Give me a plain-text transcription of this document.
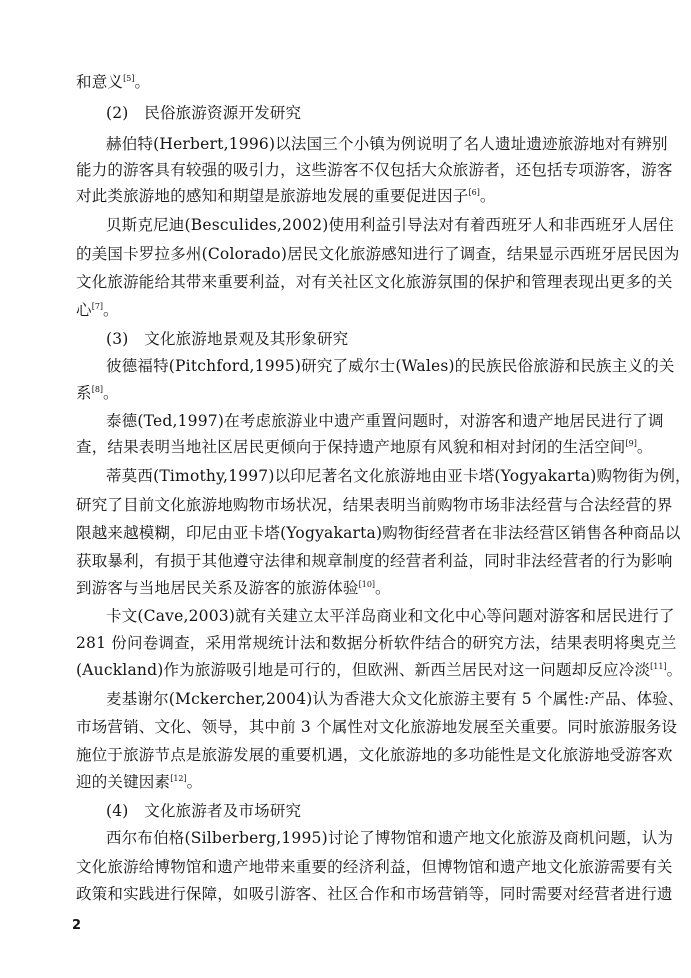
和意义[5]。
(2)　民俗旅游资源开发研究
赫伯特(Herbert,1996)以法国三个小镇为例说明了名人遗址遗迹旅游地对有辨别
能力的游客具有较强的吸引力，这些游客不仅包括大众旅游者，还包括专项游客，游客
对此类旅游地的感知和期望是旅游地发展的重要促进因子[6]。
贝斯克尼迪(Besculides,2002)使用利益引导法对有着西班牙人和非西班牙人居住
的美国卡罗拉多州(Colorado)居民文化旅游感知进行了调查，结果显示西班牙居民因为
文化旅游能给其带来重要利益，对有关社区文化旅游氛围的保护和管理表现出更多的关
心[7]。
(3)　文化旅游地景观及其形象研究
彼德福特(Pitchford,1995)研究了威尔士(Wales)的民族民俗旅游和民族主义的关
系[8]。
泰德(Ted,1997)在考虑旅游业中遗产重置问题时，对游客和遗产地居民进行了调
查，结果表明当地社区居民更倾向于保持遗产地原有风貌和相对封闭的生活空间[9]。
蒂莫西(Timothy,1997)以印尼著名文化旅游地由亚卡塔(Yogyakarta)购物街为例，
研究了目前文化旅游地购物市场状况，结果表明当前购物市场非法经营与合法经营的界
限越来越模糊，印尼由亚卡塔(Yogyakarta)购物街经营者在非法经营区销售各种商品以
获取暴利，有损于其他遵守法律和规章制度的经营者利益，同时非法经营者的行为影响
到游客与当地居民关系及游客的旅游体验[10]。
卡文(Cave,2003)就有关建立太平洋岛商业和文化中心等问题对游客和居民进行了
281 份问卷调查，采用常规统计法和数据分析软件结合的研究方法，结果表明将奥克兰
(Auckland)作为旅游吸引地是可行的，但欧洲、新西兰居民对这一问题却反应冷淡[11]。
麦基谢尔(Mckercher,2004)认为香港大众文化旅游主要有 5 个属性:产品、体验、
市场营销、文化、领导，其中前 3 个属性对文化旅游地发展至关重要。同时旅游服务设
施位于旅游节点是旅游发展的重要机遇，文化旅游地的多功能性是文化旅游地受游客欢
迎的关键因素[12]。
(4)　文化旅游者及市场研究
西尔布伯格(Silberberg,1995)讨论了博物馆和遗产地文化旅游及商机问题，认为
文化旅游给博物馆和遗产地带来重要的经济利益，但博物馆和遗产地文化旅游需要有关
政策和实践进行保障，如吸引游客、社区合作和市场营销等，同时需要对经营者进行遗
2
